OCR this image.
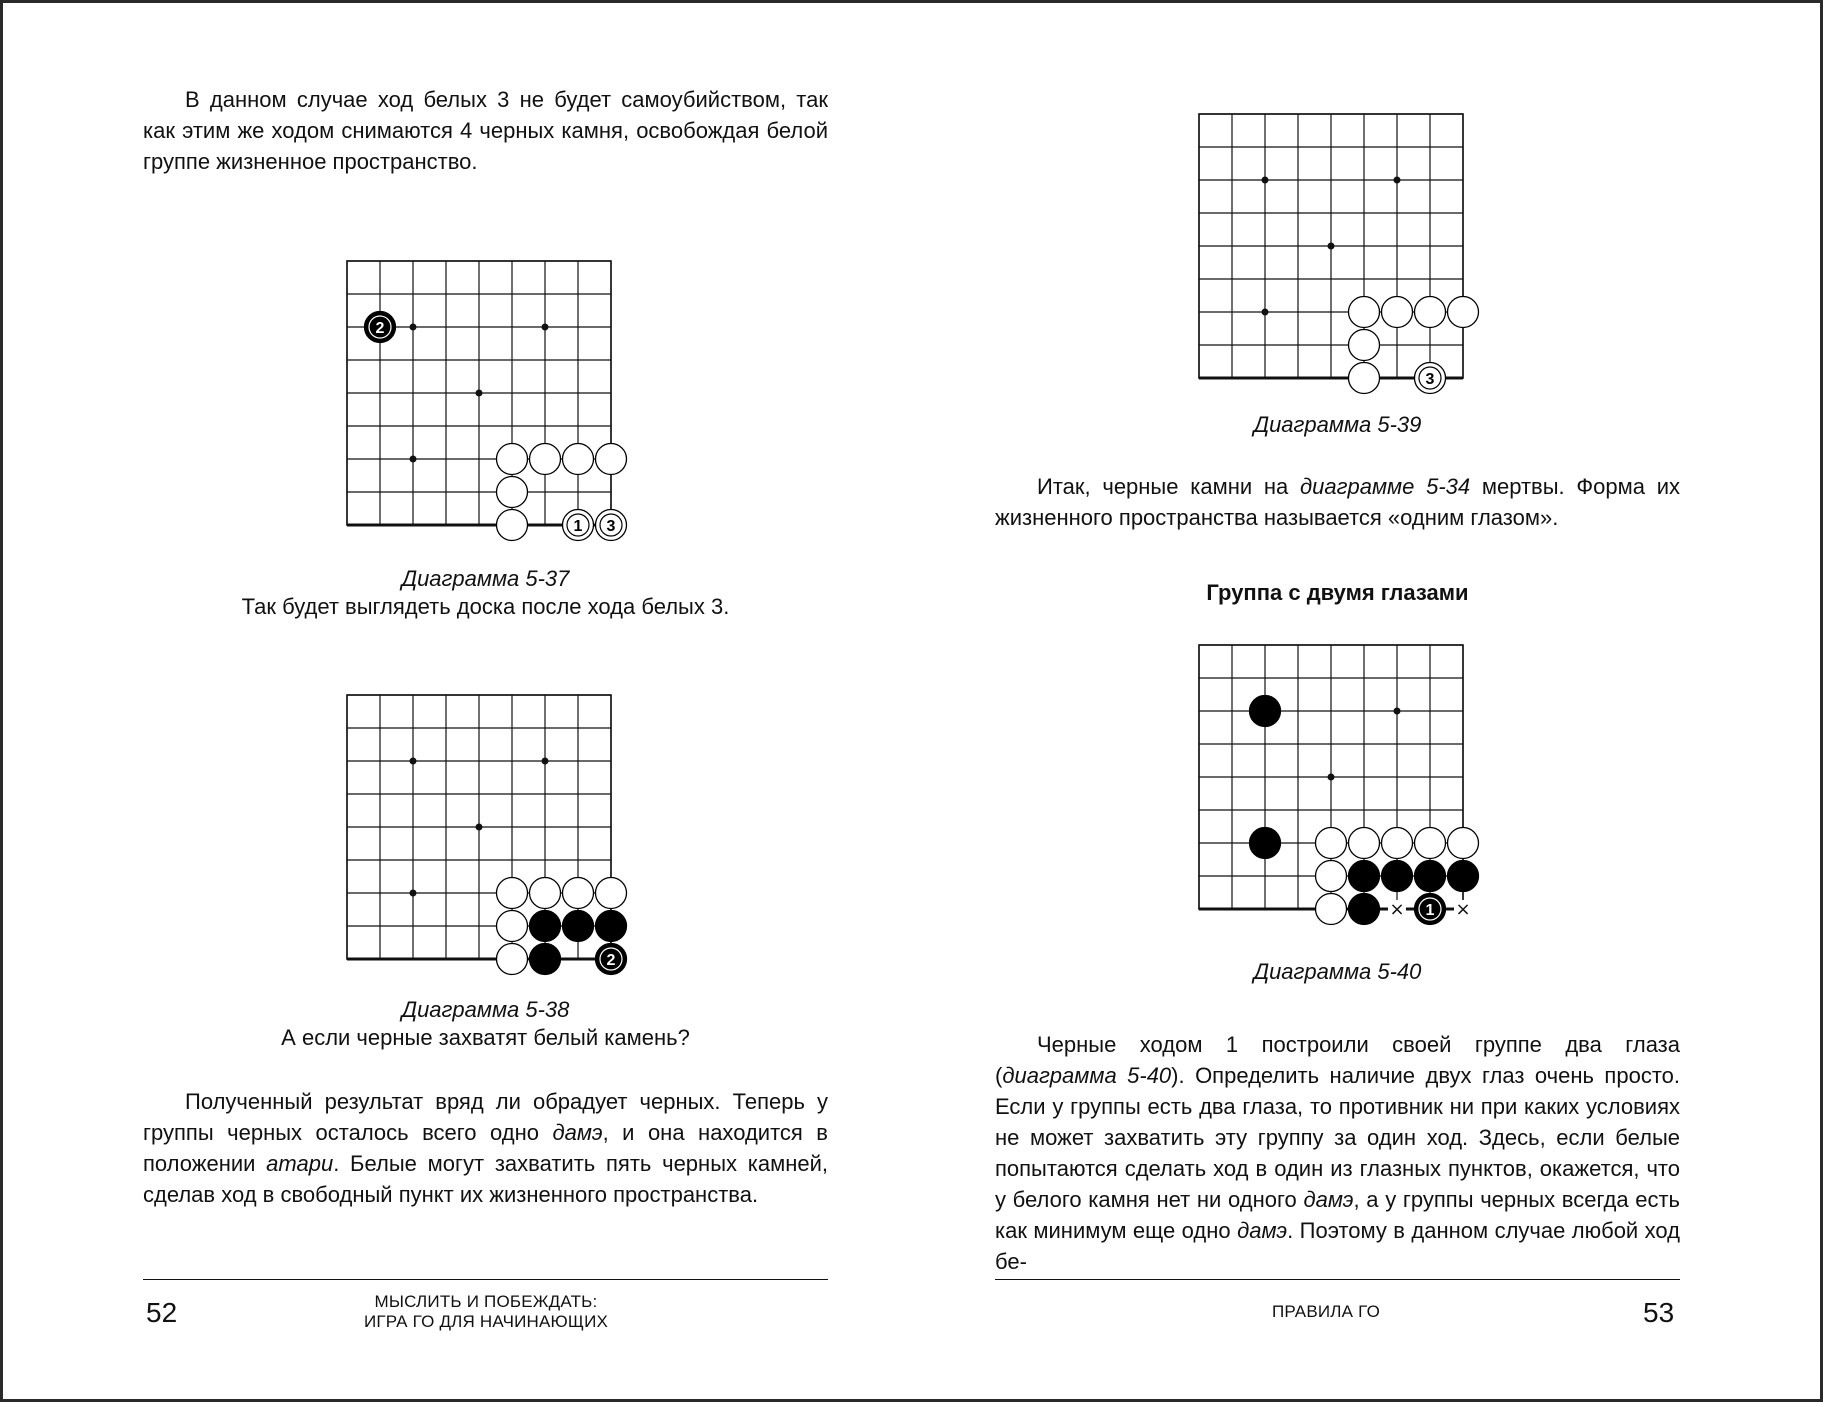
В данном случае ход белых 3 не будет самоубийством, так как этим же ходом снимаются 4 черных камня, освобождая белой группе жизненное пространство.

2
1 3
Диаграмма 5-37
Так будет выглядеть доска после хода белых 3.
2
Диаграмма 5-38
А если черные захватят белый камень?

Полученный результат вряд ли обрадует черных. Теперь у группы черных осталось всего одно дамэ, и она находится в положении атари. Белые могут захватить пять черных камней, сделав ход в свободный пункт их жизненного пространства.

52	МЫСЛИТЬ И ПОБЕЖДАТЬ:
ИГРА ГО ДЛЯ НАЧИНАЮЩИХ
3
Диаграмма 5-39

Итак, черные камни на диаграмме 5-34 мертвы. Форма их жизненного пространства называется «одним глазом».

Группа с двумя глазами
×	×
1
Диаграмма 5-40

Черные ходом 1 построили своей группе два глаза (диаграмма 5-40). Определить наличие двух глаз очень просто. Если у группы есть два глаза, то противник ни при каких условиях не может захватить эту группу за один ход. Здесь, если белые попытаются сделать ход в один из глазных пунктов, окажется, что у белого камня нет ни одного дамэ, а у группы черных всегда есть как минимум еще одно дамэ. Поэтому в данном случае любой ход бе-

ПРАВИЛА ГО	53
